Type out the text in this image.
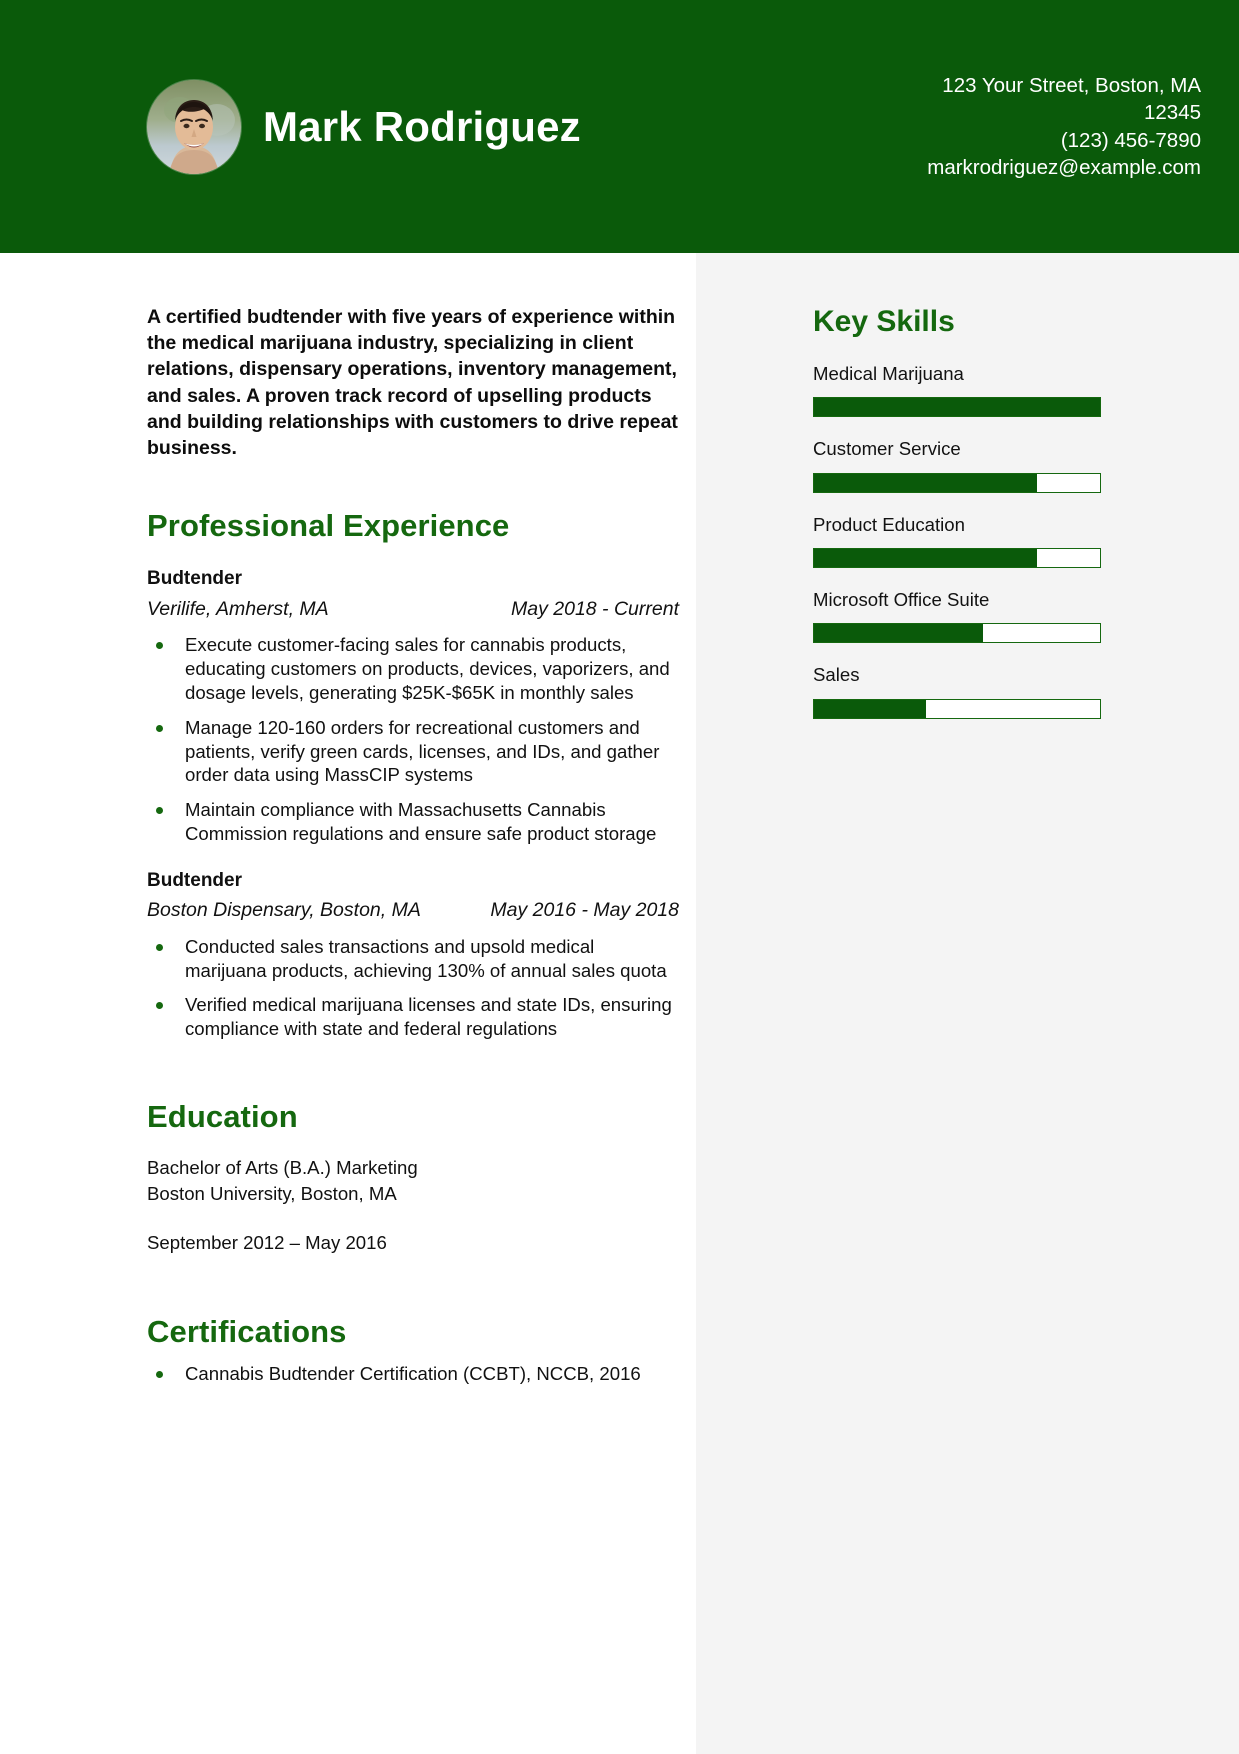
Mark Rodriguez
123 Your Street, Boston, MA 12345
(123) 456-7890
markrodriguez@example.com
A certified budtender with five years of experience within the medical marijuana industry, specializing in client relations, dispensary operations, inventory management, and sales. A proven track record of upselling products and building relationships with customers to drive repeat business.
Professional Experience
Budtender
Verilife, Amherst, MA	May 2018 - Current
Execute customer-facing sales for cannabis products, educating customers on products, devices, vaporizers, and dosage levels, generating $25K-$65K in monthly sales
Manage 120-160 orders for recreational customers and patients, verify green cards, licenses, and IDs, and gather order data using MassCIP systems
Maintain compliance with Massachusetts Cannabis Commission regulations and ensure safe product storage
Budtender
Boston Dispensary, Boston, MA	May 2016 - May 2018
Conducted sales transactions and upsold medical marijuana products, achieving 130% of annual sales quota
Verified medical marijuana licenses and state IDs, ensuring compliance with state and federal regulations
Education
Bachelor of Arts (B.A.) Marketing
Boston University, Boston, MA
September 2012 – May 2016
Certifications
Cannabis Budtender Certification (CCBT), NCCB, 2016
Key Skills
Medical Marijuana
Customer Service
Product Education
Microsoft Office Suite
Sales
